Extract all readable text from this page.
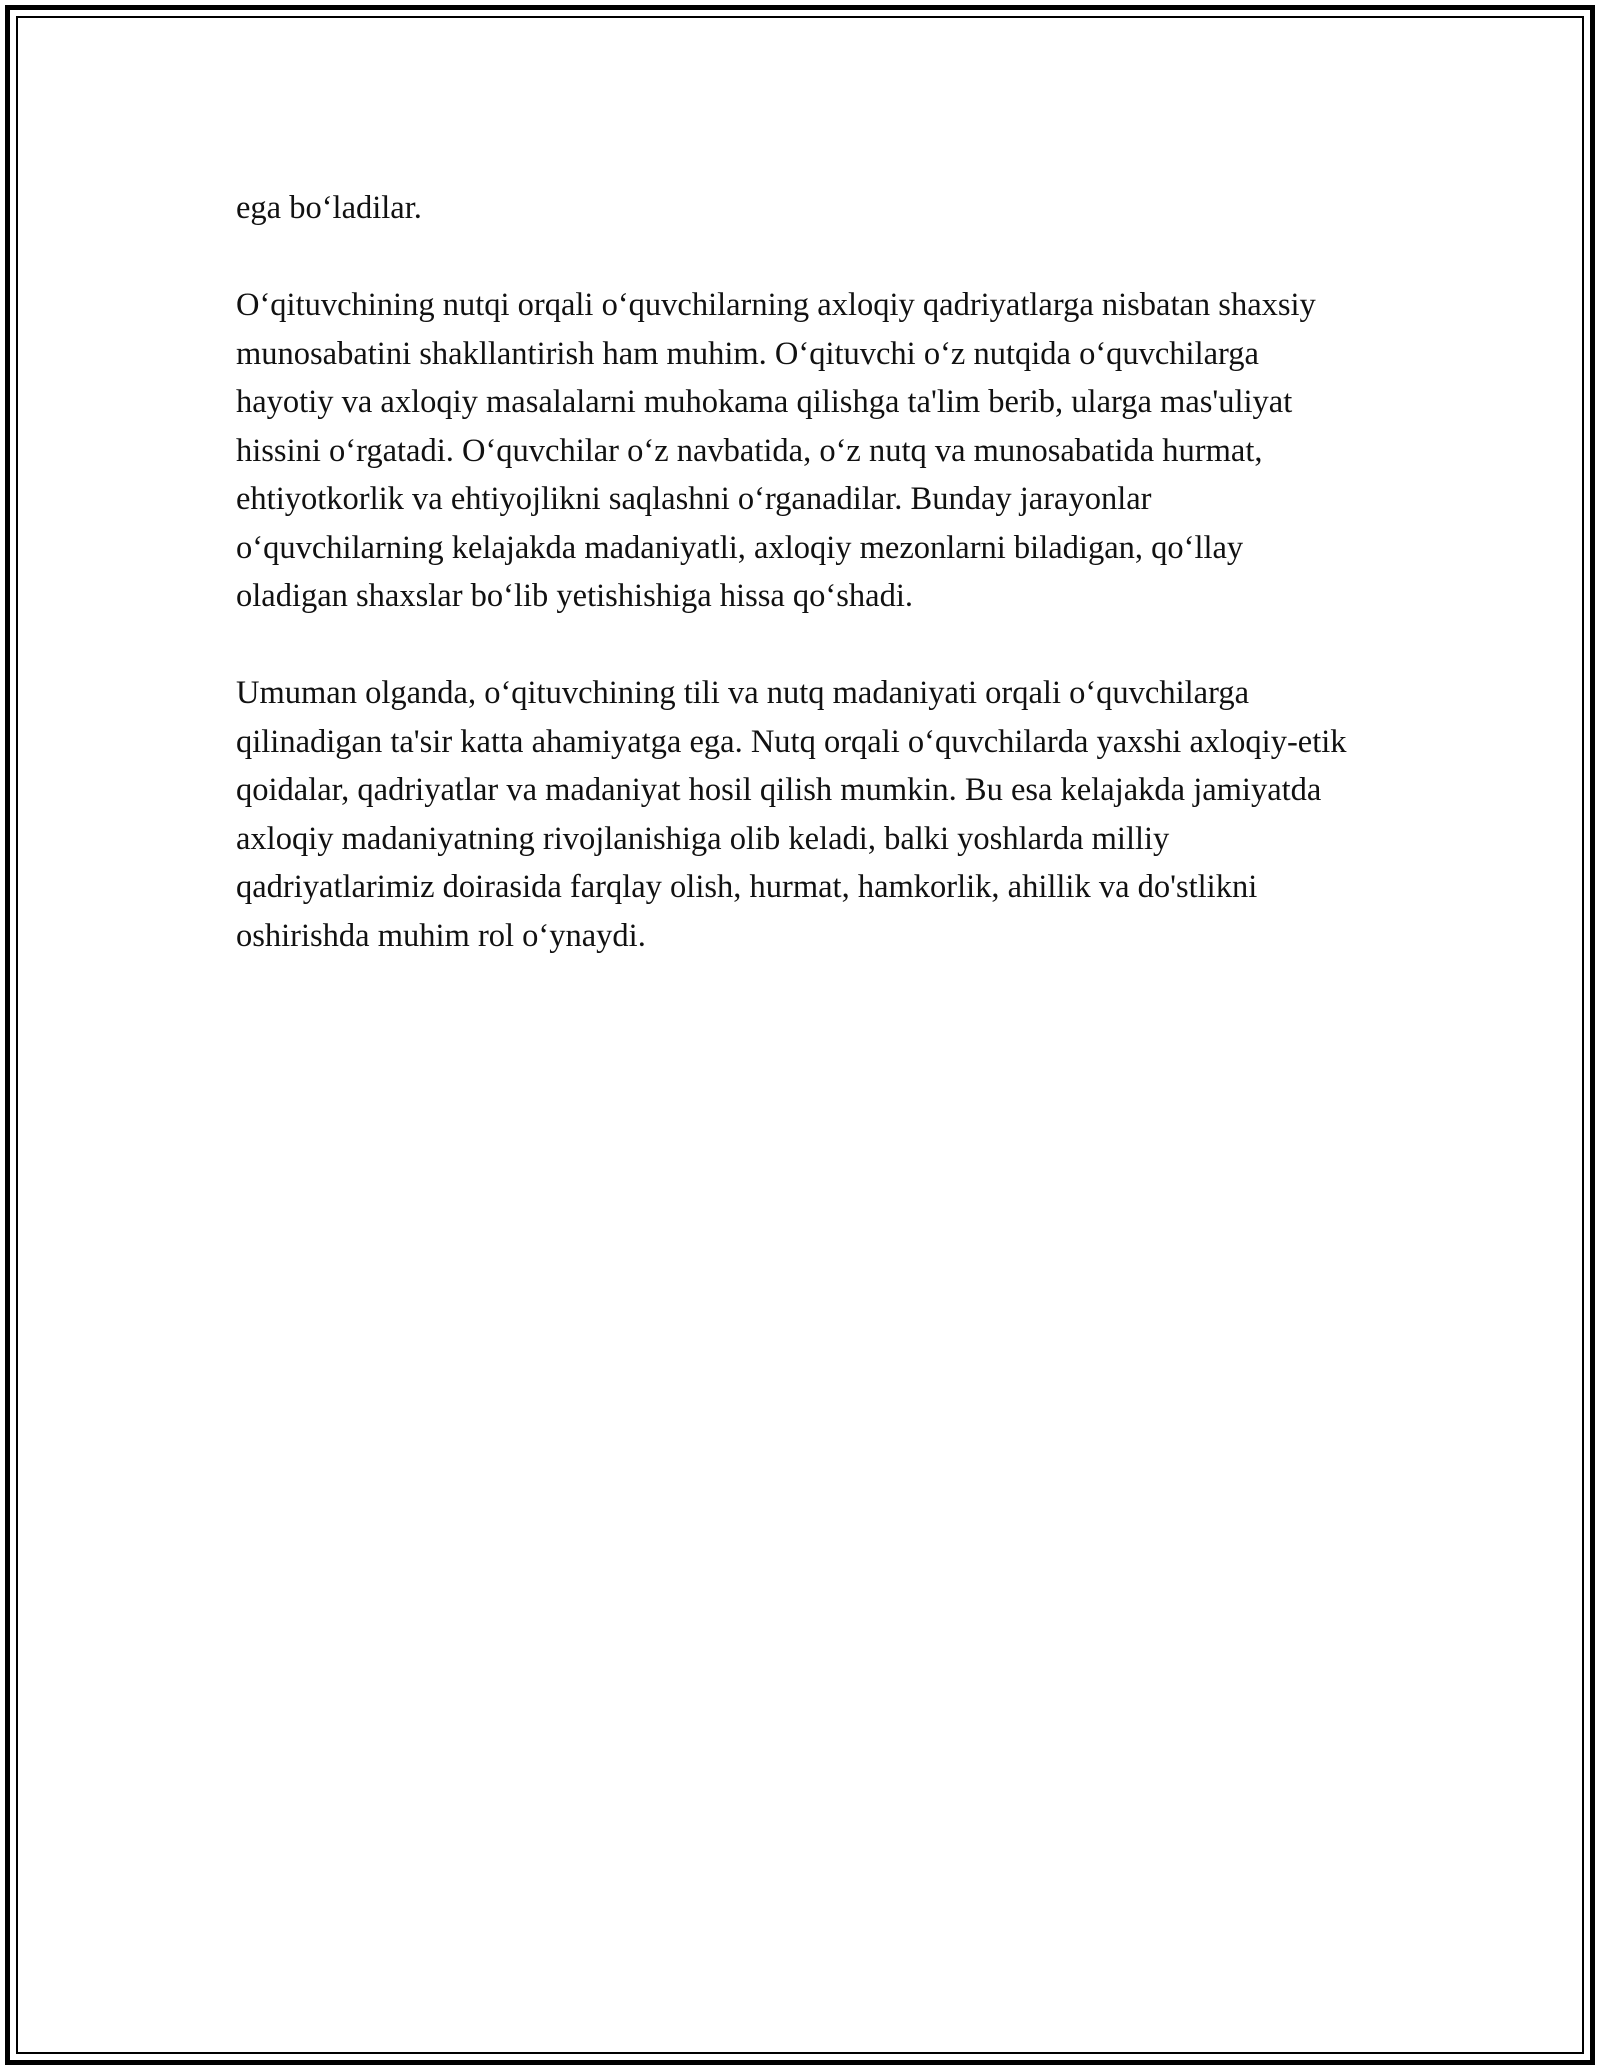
ega bo‘ladilar.

O‘qituvchining nutqi orqali o‘quvchilarning axloqiy qadriyatlarga nisbatan shaxsiy munosabatini shakllantirish ham muhim. O‘qituvchi o‘z nutqida o‘quvchilarga hayotiy va axloqiy masalalarni muhokama qilishga ta'lim berib, ularga mas'uliyat hissini o‘rgatadi. O‘quvchilar o‘z navbatida, o‘z nutq va munosabatida hurmat, ehtiyotkorlik va ehtiyojlikni saqlashni o‘rganadilar. Bunday jarayonlar o‘quvchilarning kelajakda madaniyatli, axloqiy mezonlarni biladigan, qo‘llay oladigan shaxslar bo‘lib yetishishiga hissa qo‘shadi.

Umuman olganda, o‘qituvchining tili va nutq madaniyati orqali o‘quvchilarga qilinadigan ta'sir katta ahamiyatga ega. Nutq orqali o‘quvchilarda yaxshi axloqiy-etik qoidalar, qadriyatlar va madaniyat hosil qilish mumkin. Bu esa kelajakda jamiyatda axloqiy madaniyatning rivojlanishiga olib keladi, balki yoshlarda milliy qadriyatlarimiz doirasida farqlay olish, hurmat, hamkorlik, ahillik va do'stlikni oshirishda muhim rol o‘ynaydi.
